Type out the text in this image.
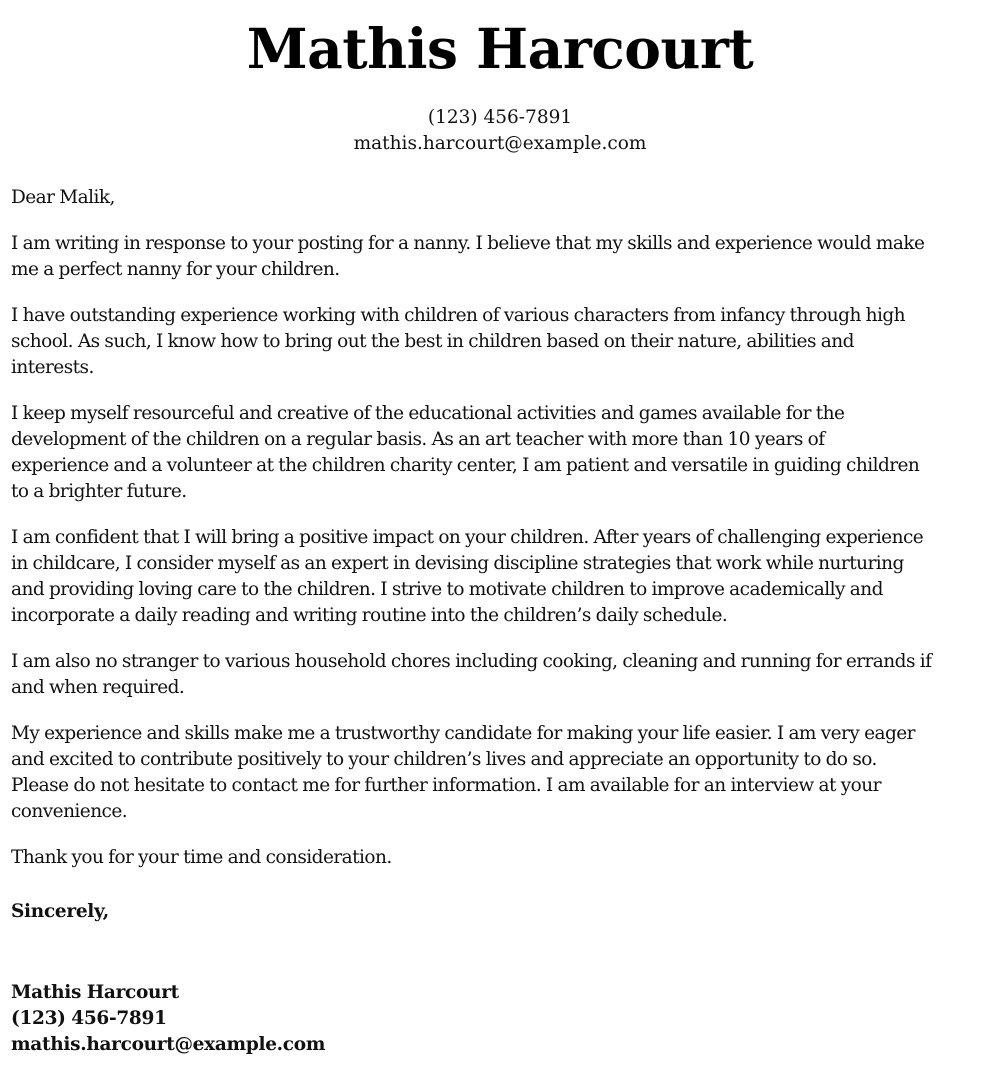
Mathis Harcourt
(123) 456-7891
mathis.harcourt@example.com

Dear Malik,

I am writing in response to your posting for a nanny. I believe that my skills and experience would make
me a perfect nanny for your children.

I have outstanding experience working with children of various characters from infancy through high
school. As such, I know how to bring out the best in children based on their nature, abilities and
interests.

I keep myself resourceful and creative of the educational activities and games available for the
development of the children on a regular basis. As an art teacher with more than 10 years of
experience and a volunteer at the children charity center, I am patient and versatile in guiding children
to a brighter future.

I am confident that I will bring a positive impact on your children. After years of challenging experience
in childcare, I consider myself as an expert in devising discipline strategies that work while nurturing
and providing loving care to the children. I strive to motivate children to improve academically and
incorporate a daily reading and writing routine into the children’s daily schedule.

I am also no stranger to various household chores including cooking, cleaning and running for errands if
and when required.

My experience and skills make me a trustworthy candidate for making your life easier. I am very eager
and excited to contribute positively to your children’s lives and appreciate an opportunity to do so.
Please do not hesitate to contact me for further information. I am available for an interview at your
convenience.

Thank you for your time and consideration.

Sincerely,

Mathis Harcourt
(123) 456-7891
mathis.harcourt@example.com
